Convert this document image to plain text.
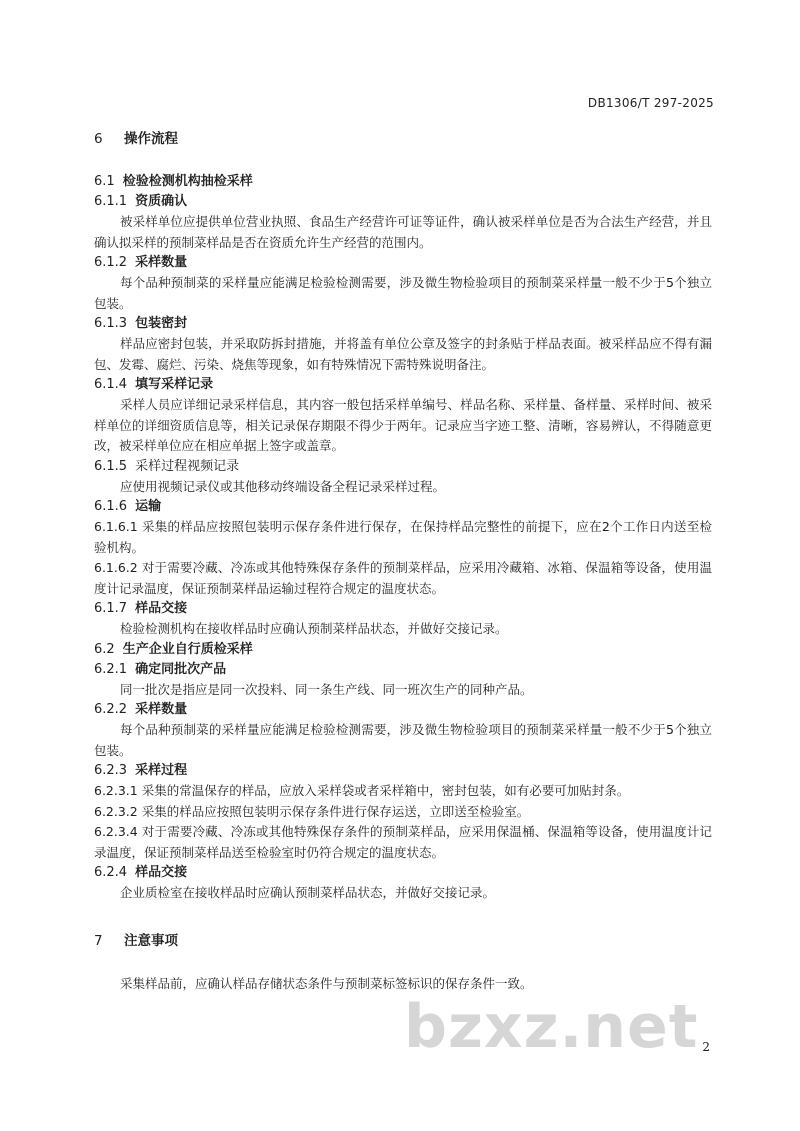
DB1306/T 297-2025
6 操作流程
6.1 检验检测机构抽检采样
6.1.1 资质确认

被采样单位应提供单位营业执照、食品生产经营许可证等证件，确认被采样单位是否为合法生产经营，并且确认拟采样的预制菜样品是否在资质允许生产经营的范围内。

6.1.2 采样数量

每个品种预制菜的采样量应能满足检验检测需要，涉及微生物检验项目的预制菜采样量一般不少于5个独立包装。

6.1.3 包装密封

样品应密封包装，并采取防拆封措施，并将盖有单位公章及签字的封条贴于样品表面。被采样品应不得有漏包、发霉、腐烂、污染、烧焦等现象，如有特殊情况下需特殊说明备注。

6.1.4 填写采样记录

采样人员应详细记录采样信息，其内容一般包括采样单编号、样品名称、采样量、备样量、采样时间、被采样单位的详细资质信息等，相关记录保存期限不得少于两年。记录应当字迹工整、清晰，容易辨认，不得随意更改，被采样单位应在相应单据上签字或盖章。

6.1.5 采样过程视频记录

应使用视频记录仪或其他移动终端设备全程记录采样过程。

6.1.6 运输

6.1.6.1 采集的样品应按照包装明示保存条件进行保存，在保持样品完整性的前提下，应在2个工作日内送至检验机构。

6.1.6.2 对于需要冷藏、冷冻或其他特殊保存条件的预制菜样品，应采用冷藏箱、冰箱、保温箱等设备，使用温度计记录温度，保证预制菜样品运输过程符合规定的温度状态。

6.1.7 样品交接

检验检测机构在接收样品时应确认预制菜样品状态，并做好交接记录。

6.2 生产企业自行质检采样
6.2.1 确定同批次产品

同一批次是指应是同一次投料、同一条生产线、同一班次生产的同种产品。

6.2.2 采样数量

每个品种预制菜的采样量应能满足检验检测需要，涉及微生物检验项目的预制菜采样量一般不少于5个独立包装。

6.2.3 采样过程

6.2.3.1 采集的常温保存的样品，应放入采样袋或者采样箱中，密封包装，如有必要可加贴封条。

6.2.3.2 采集的样品应按照包装明示保存条件进行保存运送，立即送至检验室。

6.2.3.4 对于需要冷藏、冷冻或其他特殊保存条件的预制菜样品，应采用保温桶、保温箱等设备，使用温度计记录温度，保证预制菜样品送至检验室时仍符合规定的温度状态。

6.2.4 样品交接

企业质检室在接收样品时应确认预制菜样品状态，并做好交接记录。

7 注意事项

采集样品前，应确认样品存储状态条件与预制菜标签标识的保存条件一致。

bzxz.net 2
